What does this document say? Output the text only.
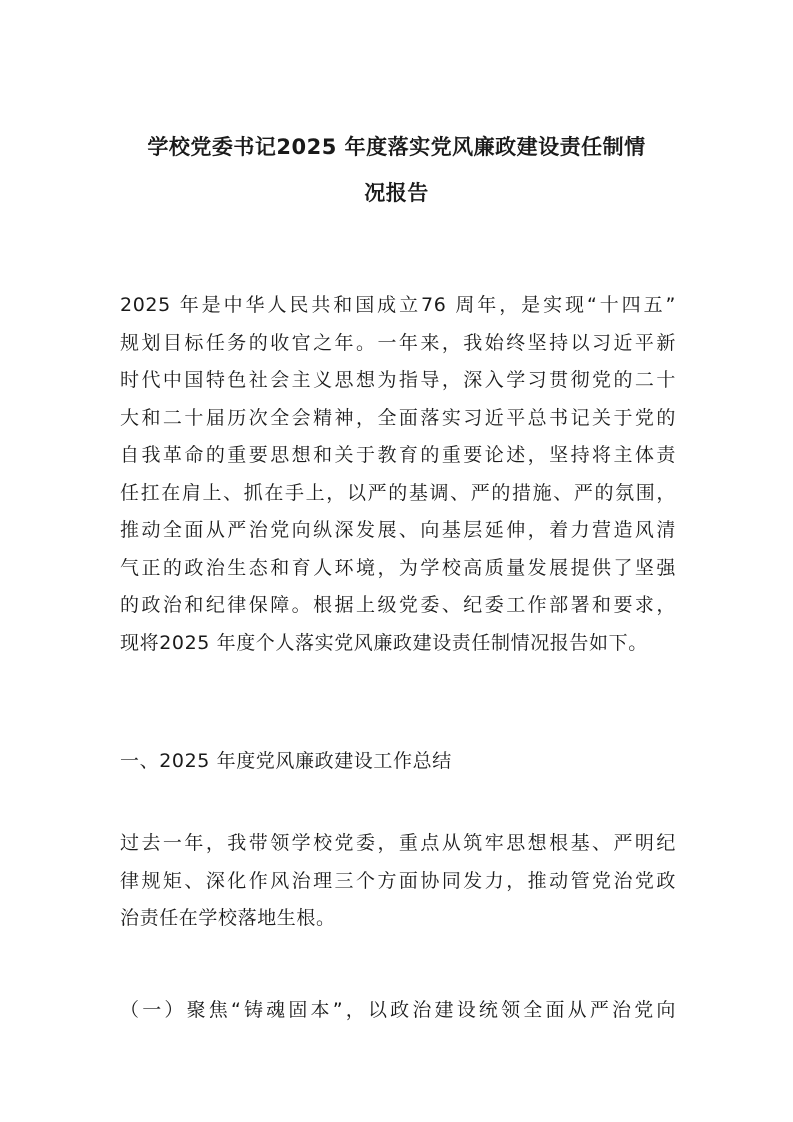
学校党委书记2025 年度落实党风廉政建设责任制情
况报告
2025 年是中华人民共和国成立76 周年，是实现“十四五”
规划目标任务的收官之年。一年来，我始终坚持以习近平新
时代中国特色社会主义思想为指导，深入学习贯彻党的二十
大和二十届历次全会精神，全面落实习近平总书记关于党的
自我革命的重要思想和关于教育的重要论述，坚持将主体责
任扛在肩上、抓在手上，以严的基调、严的措施、严的氛围，
推动全面从严治党向纵深发展、向基层延伸，着力营造风清
气正的政治生态和育人环境，为学校高质量发展提供了坚强
的政治和纪律保障。根据上级党委、纪委工作部署和要求，
现将2025 年度个人落实党风廉政建设责任制情况报告如下。
一、2025 年度党风廉政建设工作总结
过去一年，我带领学校党委，重点从筑牢思想根基、严明纪
律规矩、深化作风治理三个方面协同发力，推动管党治党政
治责任在学校落地生根。
（一）聚焦“铸魂固本”，以政治建设统领全面从严治党向
